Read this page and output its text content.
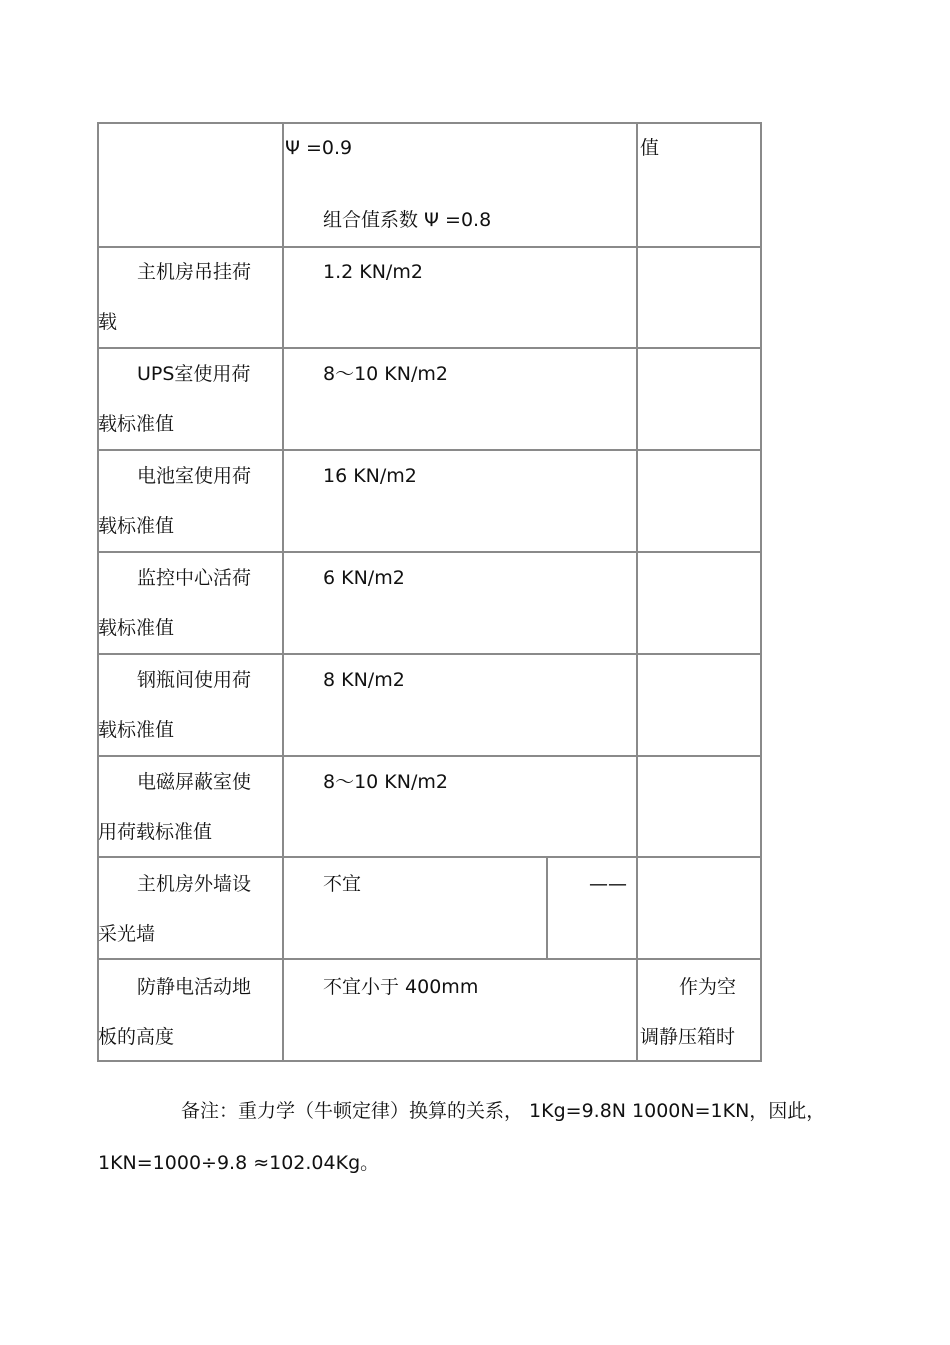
Ψ =0.9
组合值系数 Ψ =0.8
值
主机房吊挂荷
载
1.2 KN/m2
UPS室使用荷
载标准值
8～10 KN/m2
电池室使用荷
载标准值
16 KN/m2
监控中心活荷
载标准值
6 KN/m2
钢瓶间使用荷
载标准值
8 KN/m2
电磁屏蔽室使
用荷载标准值
8～10 KN/m2
主机房外墙设
采光墙
不宜	——
防静电活动地
板的高度
不宜小于 400mm	作为空
调静压箱时
备注：重力学（牛顿定律）换算的关系， 1Kg=9.8N 1000N=1KN，因此，
1KN=1000÷9.8 ≈102.04Kg。
